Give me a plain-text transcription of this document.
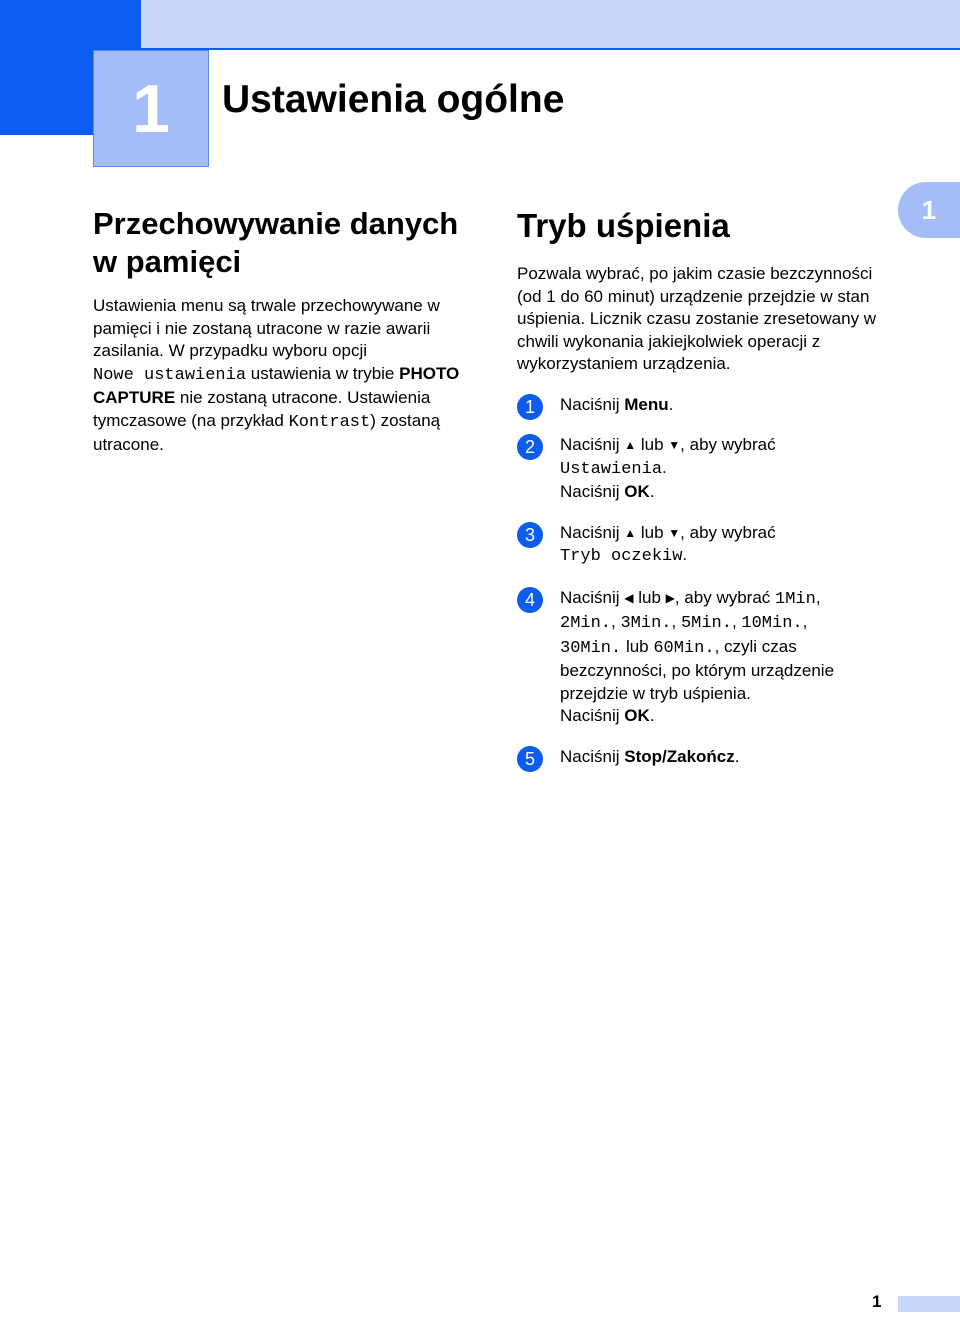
1	Ustawienia ogólne
1
Przechowywanie danych w pamięci

Ustawienia menu są trwale przechowywane w pamięci i nie zostaną utracone w razie awarii zasilania. W przypadku wyboru opcji
Nowe ustawienia ustawienia w trybie PHOTO CAPTURE nie zostaną utracone. Ustawienia tymczasowe (na przykład Kontrast) zostaną utracone.

Tryb uśpienia

Pozwala wybrać, po jakim czasie bezczynności (od 1 do 60 minut) urządzenie przejdzie w stan uśpienia. Licznik czasu zostanie zresetowany w chwili wykonania jakiejkolwiek operacji z wykorzystaniem urządzenia.

1	Naciśnij Menu.
2	Naciśnij ▲ lub ▼, aby wybrać
Ustawienia.
Naciśnij OK.
3	Naciśnij ▲ lub ▼, aby wybrać
Tryb oczekiw.
4	Naciśnij ◀ lub ▶, aby wybrać 1Min,
2Min., 3Min., 5Min., 10Min.,
30Min. lub 60Min., czyli czas bezczynności, po którym urządzenie przejdzie w tryb uśpienia.
Naciśnij OK.
5	Naciśnij Stop/Zakończ.

1
